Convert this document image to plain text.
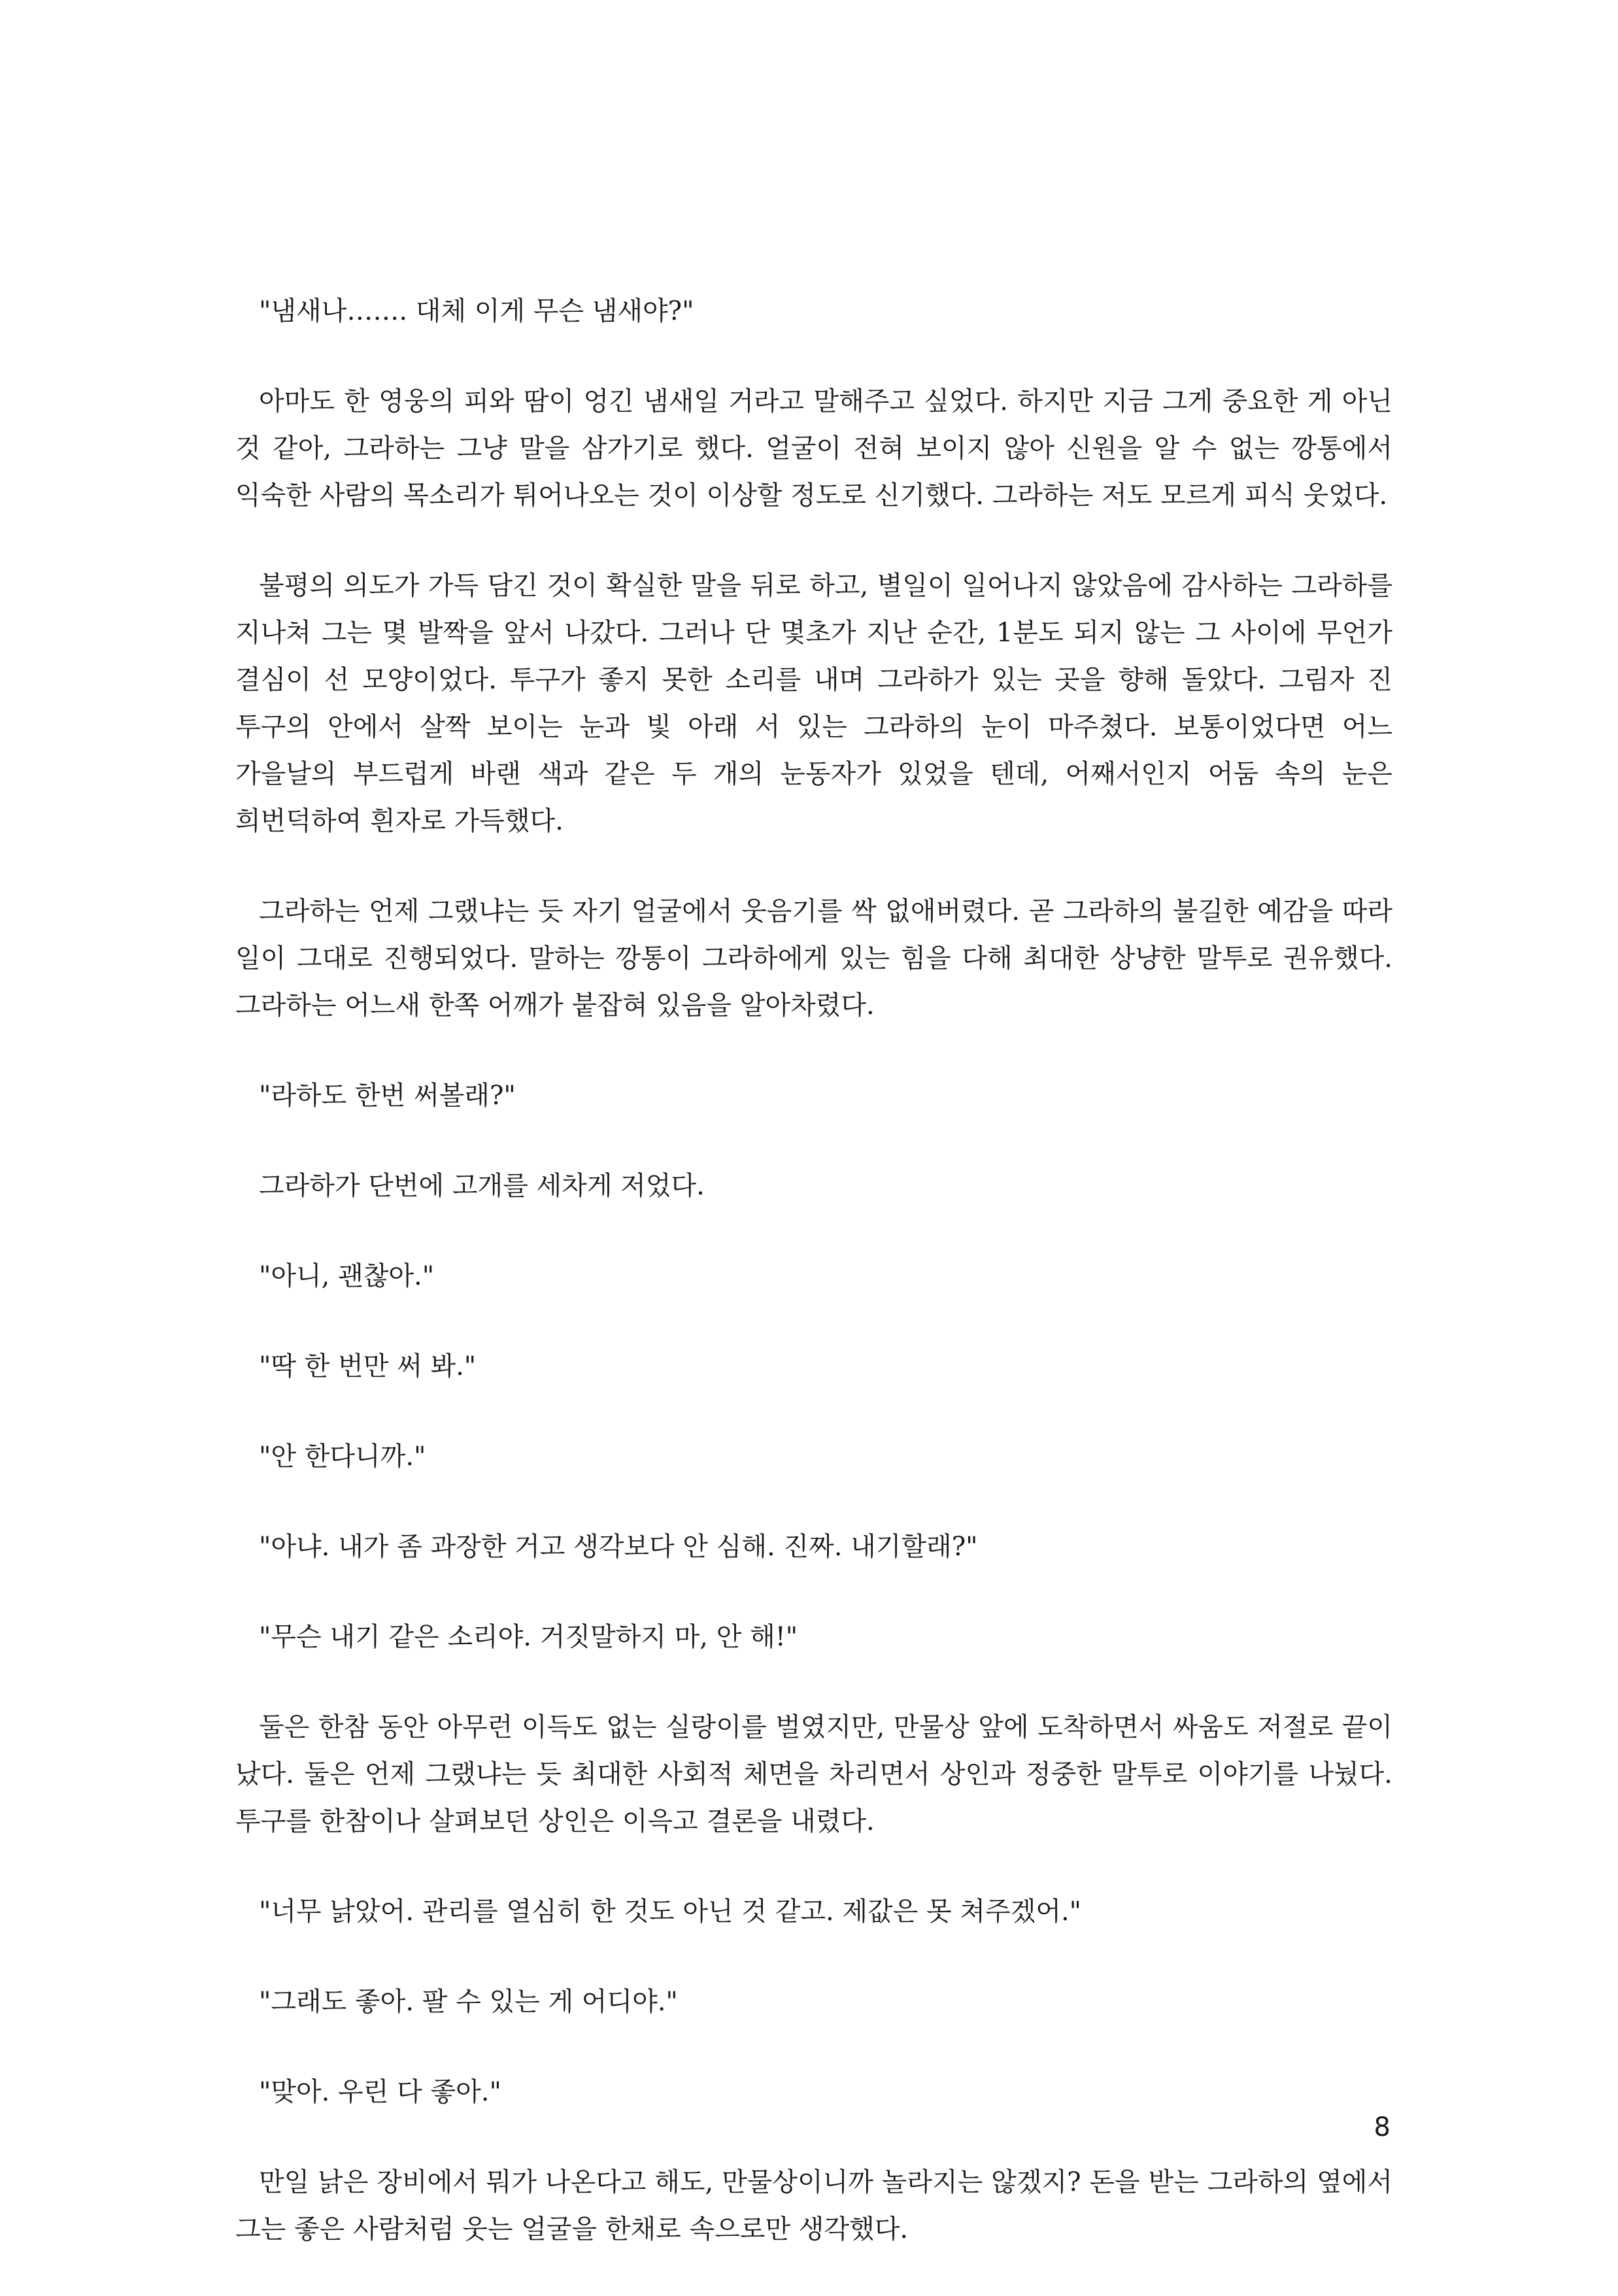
"냄새나……. 대체 이게 무슨 냄새야?"

아마도 한 영웅의 피와 땀이 엉긴 냄새일 거라고 말해주고 싶었다. 하지만 지금 그게 중요한 게 아닌 것 같아, 그라하는 그냥 말을 삼가기로 했다. 얼굴이 전혀 보이지 않아 신원을 알 수 없는 깡통에서 익숙한 사람의 목소리가 튀어나오는 것이 이상할 정도로 신기했다. 그라하는 저도 모르게 피식 웃었다.

불평의 의도가 가득 담긴 것이 확실한 말을 뒤로 하고, 별일이 일어나지 않았음에 감사하는 그라하를 지나쳐 그는 몇 발짝을 앞서 나갔다. 그러나 단 몇초가 지난 순간, 1분도 되지 않는 그 사이에 무언가 결심이 선 모양이었다. 투구가 좋지 못한 소리를 내며 그라하가 있는 곳을 향해 돌았다. 그림자 진 투구의 안에서 살짝 보이는 눈과 빛 아래 서 있는 그라하의 눈이 마주쳤다. 보통이었다면 어느 가을날의 부드럽게 바랜 색과 같은 두 개의 눈동자가 있었을 텐데, 어째서인지 어둠 속의 눈은 희번덕하여 흰자로 가득했다.

그라하는 언제 그랬냐는 듯 자기 얼굴에서 웃음기를 싹 없애버렸다. 곧 그라하의 불길한 예감을 따라 일이 그대로 진행되었다. 말하는 깡통이 그라하에게 있는 힘을 다해 최대한 상냥한 말투로 권유했다. 그라하는 어느새 한쪽 어깨가 붙잡혀 있음을 알아차렸다.

"라하도 한번 써볼래?"

그라하가 단번에 고개를 세차게 저었다.

"아니, 괜찮아."

"딱 한 번만 써 봐."

"안 한다니까."

"아냐. 내가 좀 과장한 거고 생각보다 안 심해. 진짜. 내기할래?"

"무슨 내기 같은 소리야. 거짓말하지 마, 안 해!"

둘은 한참 동안 아무런 이득도 없는 실랑이를 벌였지만, 만물상 앞에 도착하면서 싸움도 저절로 끝이 났다. 둘은 언제 그랬냐는 듯 최대한 사회적 체면을 차리면서 상인과 정중한 말투로 이야기를 나눴다. 투구를 한참이나 살펴보던 상인은 이윽고 결론을 내렸다.

"너무 낡았어. 관리를 열심히 한 것도 아닌 것 같고. 제값은 못 쳐주겠어."

"그래도 좋아. 팔 수 있는 게 어디야."

"맞아. 우린 다 좋아."

만일 낡은 장비에서 뭐가 나온다고 해도, 만물상이니까 놀라지는 않겠지? 돈을 받는 그라하의 옆에서 그는 좋은 사람처럼 웃는 얼굴을 한채로 속으로만 생각했다.

8
